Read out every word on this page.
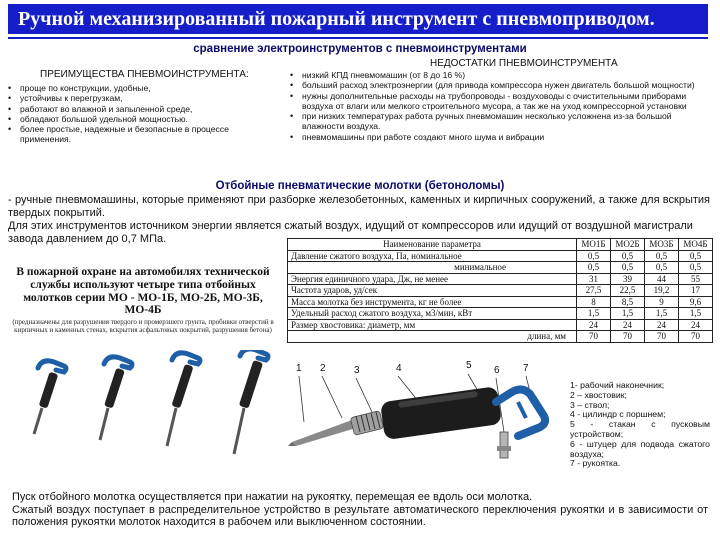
Ручной механизированный пожарный инструмент с пневмоприводом.
сравнение электроинструментов с пневмоинструментами
ПРЕИМУЩЕСТВА ПНЕВМОИНСТРУМЕНТА:
• проще по конструкции, удобные,
• устойчивы к перегрузкам,
• работают во влажной и запыленной среде,
• обладают большой удельной мощностью.
• более простые, надежные и безопасные в процессе применения.
НЕДОСТАТКИ ПНЕВМОИНСТРУМЕНТА
• низкий КПД пневмомашин (от 8 до 16 %)
• больший расход электроэнергии (для привода компрессора нужен двигатель большой мощности)
• нужны дополнительные расходы на трубопроводы - воздуховоды с очистительными приборами воздуха от влаги или мелкого строительного мусора, а так же на уход компрессорной установки
• при низких температурах работа ручных пневмомашин несколько усложнена из-за большой влажности воздуха.
• пневмомашины при работе создают много шума и вибрации
Отбойные пневматические молотки (бетоноломы)
- ручные пневмомашины, которые применяют при разборке железобетонных, каменных и кирпичных сооружений, а также для вскрытия твердых покрытий.
Для этих инструментов источником энергии является сжатый воздух, идущий от компрессоров или идущий от воздушной магистрали завода давлением до 0,7 МПа.
В пожарной охране на автомобилях технической службы используют четыре типа отбойных молотков серии МО - МО-1Б, МО-2Б, МО-3Б, МО-4Б
(предназначены для разрушения твердого и промерзшего грунта, пробивки отверстий в кирпичных и каменных стенах, вскрытия асфальтовых покрытий, разрушения бетона)
Наименование параметра	МО1Б	МО2Б	МО3Б	МО4Б
Давление сжатого воздуха, Па, номинальное	0,5	0,5	0,5	0,5
минимальное	0,5	0,5	0,5	0,5
Энергия единичного удара, Дж, не менее	31	39	44	55
Частота ударов, уд/сек	27,5	22,5	19,2	17
Масса молотка без инструмента, кг не более	8	8,5	9	9,6
Удельный расход сжатого воздуха, м3/мин, кВт	1,5	1,5	1,5	1,5
Размер хвостовика: диаметр, мм	24	24	24	24
длина, мм	70	70	70	70
1 2	3	4	5 6 7
1- рабочий наконечник;
2 – хвостовик;
3 – ствол;
4 - цилиндр с поршнем;
5 - стакан с пусковым устройством;
6 - штуцер для подвода сжатого воздуха;
7 - рукоятка.
Пуск отбойного молотка осуществляется при нажатии на рукоятку, перемещая ее вдоль оси молотка.
Сжатый воздух поступает в распределительное устройство в результате автоматического переключения рукоятки и в зависимости от положения рукоятки молоток находится в рабочем или выключенном состоянии.
